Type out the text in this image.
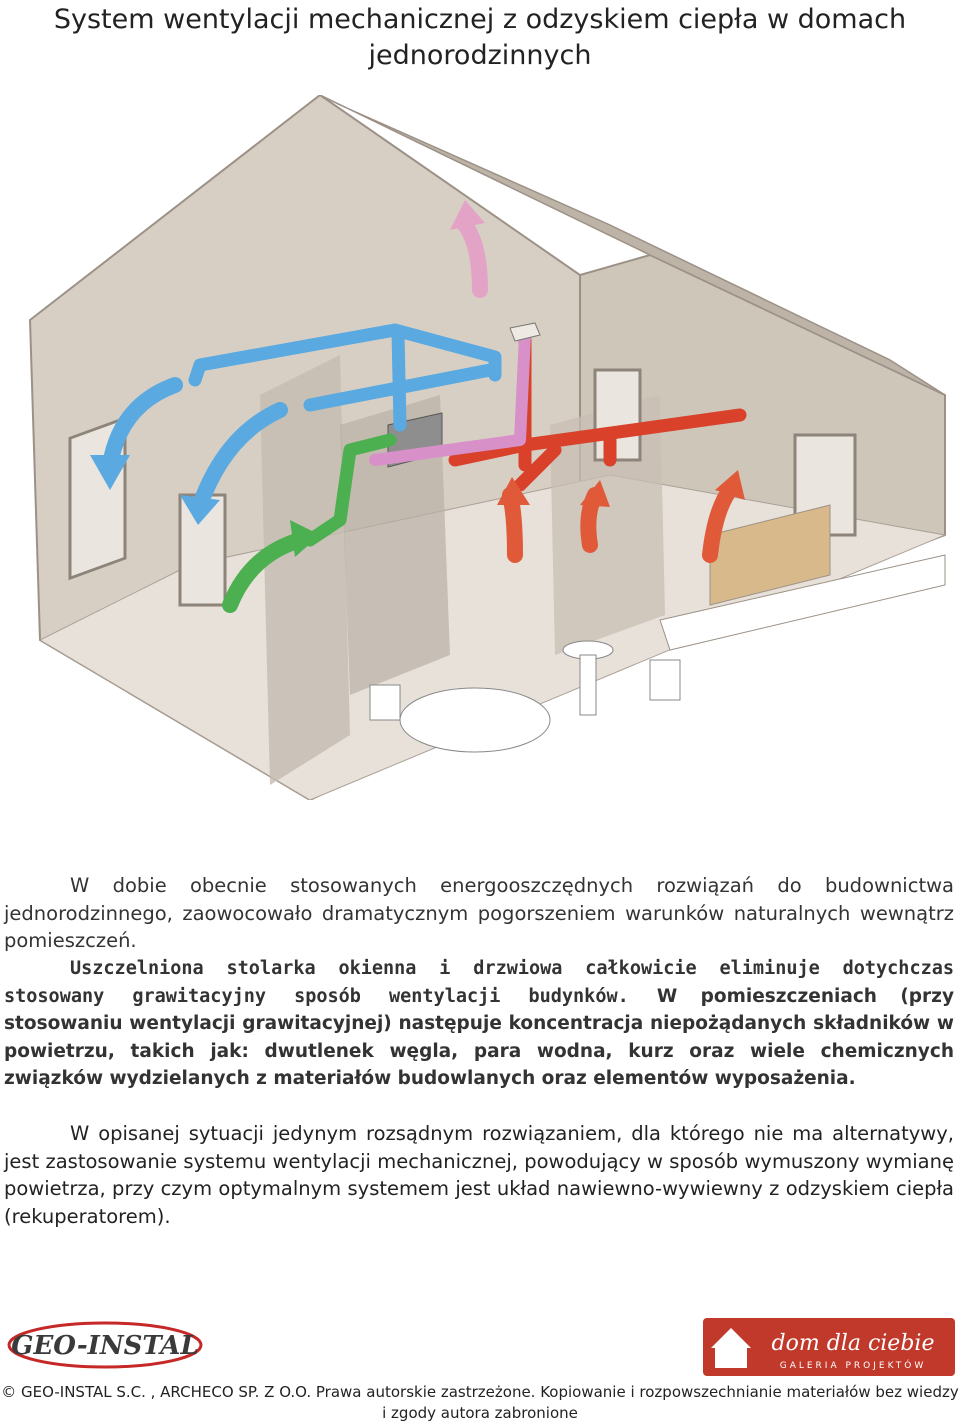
System wentylacji mechanicznej z odzyskiem ciepła w domach jednorodzinnych
W dobie obecnie stosowanych energooszczędnych rozwiązań do budownictwa jednorodzinnego, zaowocowało dramatycznym pogorszeniem warunków naturalnych wewnątrz pomieszczeń.
Uszczelniona stolarka okienna i drzwiowa całkowicie eliminuje dotychczas stosowany grawitacyjny sposób wentylacji budynków. W pomieszczeniach (przy stosowaniu wentylacji grawitacyjnej) następuje koncentracja niepożądanych składników w powietrzu, takich jak: dwutlenek węgla, para wodna, kurz oraz wiele chemicznych związków wydzielanych z materiałów budowlanych oraz elementów wyposażenia.
W opisanej sytuacji jedynym rozsądnym rozwiązaniem, dla którego nie ma alternatywy, jest zastosowanie systemu wentylacji mechanicznej, powodujący w sposób wymuszony wymianę powietrza, przy czym optymalnym systemem jest układ nawiewno-wywiewny z odzyskiem ciepła (rekuperatorem).
GEO-INSTAL	dom dla ciebie
GALERIA PROJEKTÓW
© GEO-INSTAL S.C. , ARCHECO SP. Z O.O. Prawa autorskie zastrzeżone. Kopiowanie i rozpowszechnianie materiałów bez wiedzy i zgody autora zabronione
